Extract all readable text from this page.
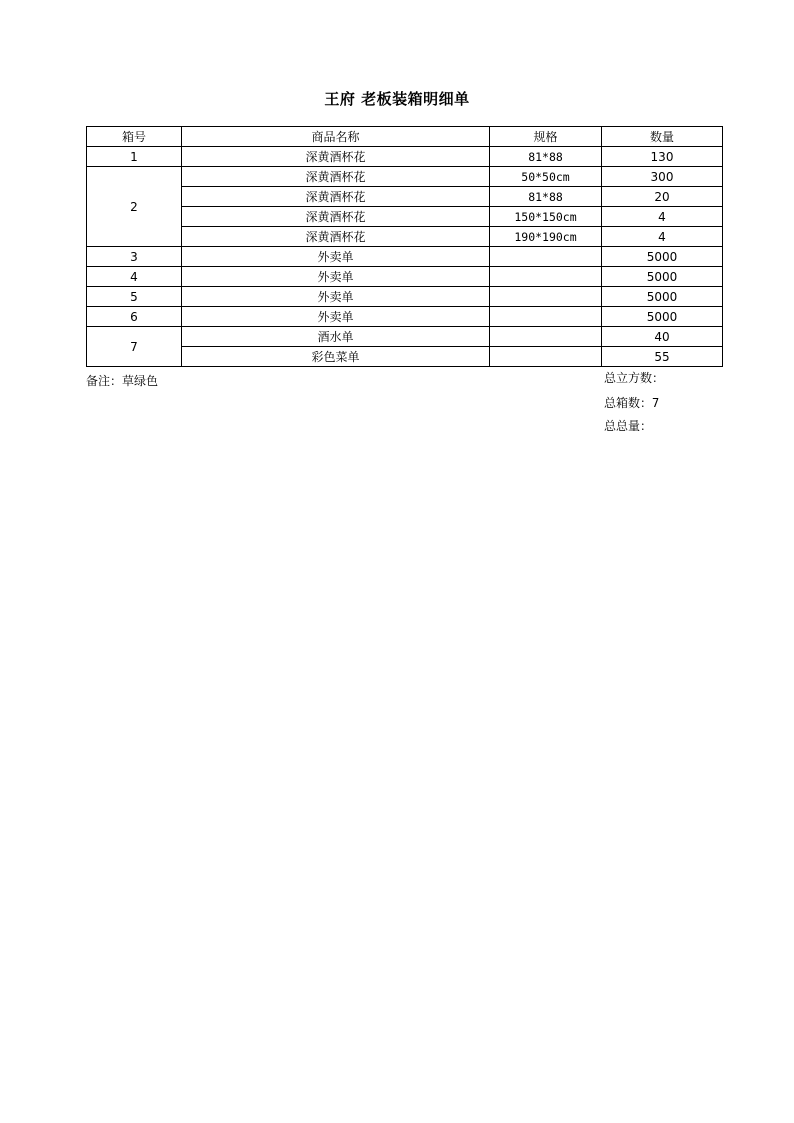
王府 老板装箱明细单
箱号	商品名称	规格	数量
1	深黄酒杯花	81*88	130
2	深黄酒杯花	50*50cm	300
	深黄酒杯花	81*88	20
	深黄酒杯花	150*150cm	4
	深黄酒杯花	190*190cm	4
3	外卖单		5000
4	外卖单		5000
5	外卖单		5000
6	外卖单		5000
7	酒水单		40
	彩色菜单		55
备注：草绿色	总立方数：
总箱数：7
总总量：
